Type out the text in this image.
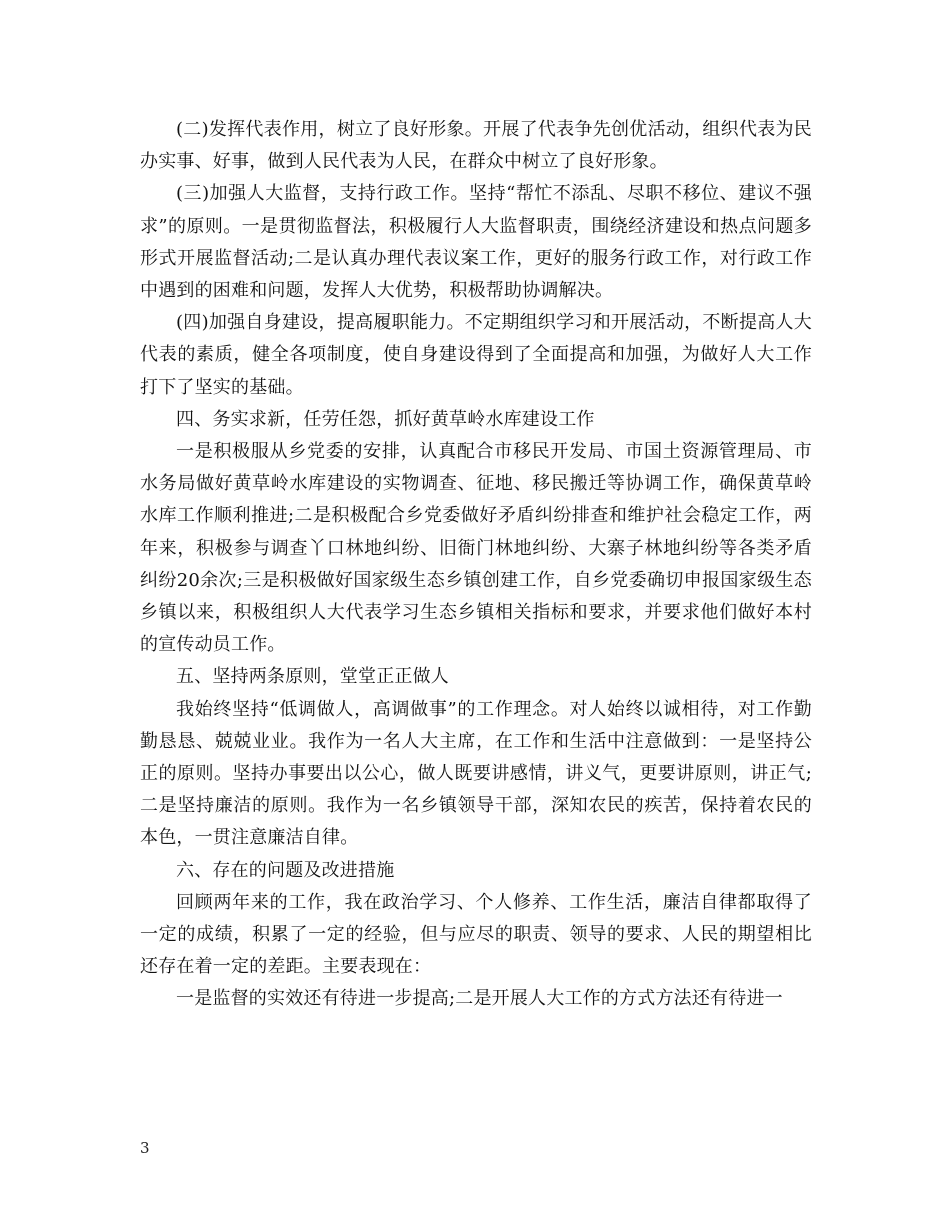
(二)发挥代表作用，树立了良好形象。开展了代表争先创优活动，组织代表为民办实事、好事，做到人民代表为人民，在群众中树立了良好形象。

(三)加强人大监督，支持行政工作。坚持“帮忙不添乱、尽职不移位、建议不强求”的原则。一是贯彻监督法，积极履行人大监督职责，围绕经济建设和热点问题多形式开展监督活动;二是认真办理代表议案工作，更好的服务行政工作，对行政工作中遇到的困难和问题，发挥人大优势，积极帮助协调解决。

(四)加强自身建设，提高履职能力。不定期组织学习和开展活动，不断提高人大代表的素质，健全各项制度，使自身建设得到了全面提高和加强，为做好人大工作打下了坚实的基础。

四、务实求新，任劳任怨，抓好黄草岭水库建设工作

一是积极服从乡党委的安排，认真配合市移民开发局、市国土资源管理局、市水务局做好黄草岭水库建设的实物调查、征地、移民搬迁等协调工作，确保黄草岭水库工作顺利推进;二是积极配合乡党委做好矛盾纠纷排查和维护社会稳定工作，两年来，积极参与调查丫口林地纠纷、旧衙门林地纠纷、大寨子林地纠纷等各类矛盾纠纷20余次;三是积极做好国家级生态乡镇创建工作，自乡党委确切申报国家级生态乡镇以来，积极组织人大代表学习生态乡镇相关指标和要求，并要求他们做好本村的宣传动员工作。

五、坚持两条原则，堂堂正正做人

我始终坚持“低调做人，高调做事”的工作理念。对人始终以诚相待，对工作勤勤恳恳、兢兢业业。我作为一名人大主席，在工作和生活中注意做到：一是坚持公正的原则。坚持办事要出以公心，做人既要讲感情，讲义气，更要讲原则，讲正气;二是坚持廉洁的原则。我作为一名乡镇领导干部，深知农民的疾苦，保持着农民的本色，一贯注意廉洁自律。

六、存在的问题及改进措施

回顾两年来的工作，我在政治学习、个人修养、工作生活，廉洁自律都取得了一定的成绩，积累了一定的经验，但与应尽的职责、领导的要求、人民的期望相比还存在着一定的差距。主要表现在：

一是监督的实效还有待进一步提高;二是开展人大工作的方式方法还有待进一

3
